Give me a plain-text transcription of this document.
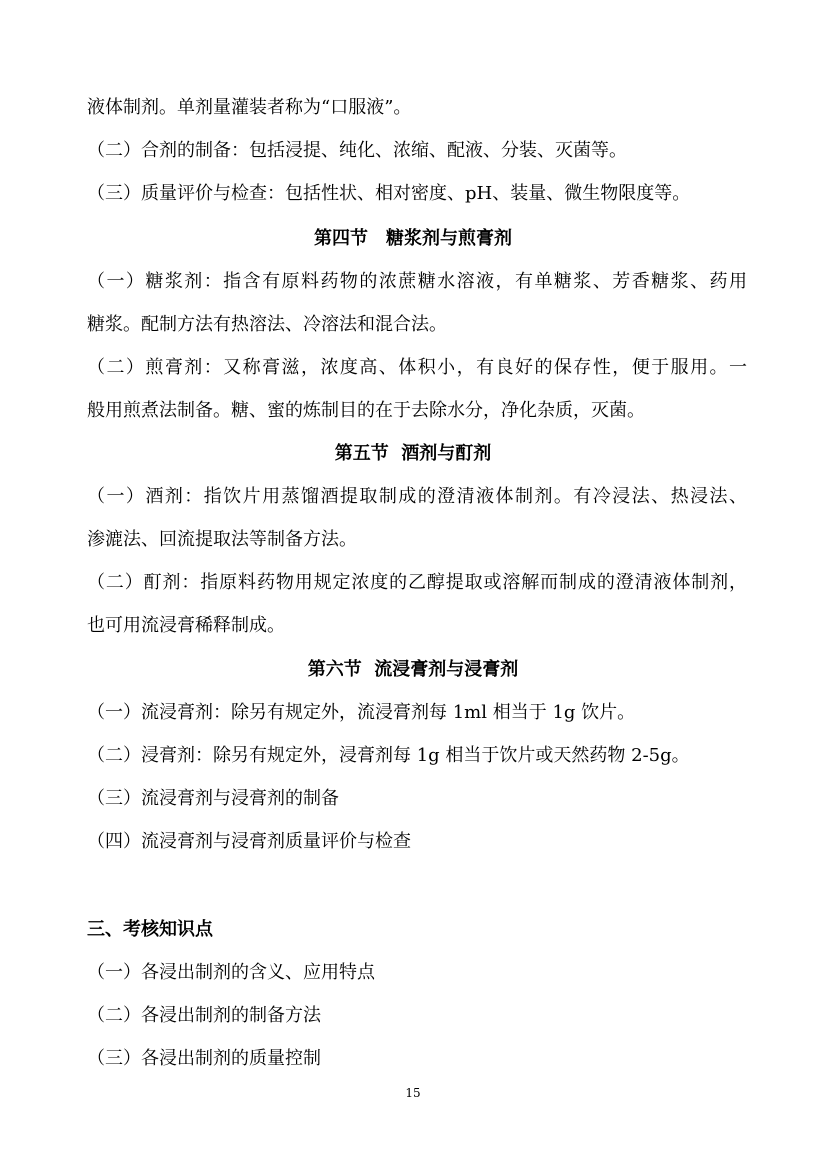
液体制剂。单剂量灌装者称为“口服液”。
（二）合剂的制备：包括浸提、纯化、浓缩、配液、分装、灭菌等。
（三）质量评价与检查：包括性状、相对密度、pH、装量、微生物限度等。
第四节　糖浆剂与煎膏剂
（一）糖浆剂：指含有原料药物的浓蔗糖水溶液，有单糖浆、芳香糖浆、药用
糖浆。配制方法有热溶法、冷溶法和混合法。
（二）煎膏剂：又称膏滋，浓度高、体积小，有良好的保存性，便于服用。一
般用煎煮法制备。糖、蜜的炼制目的在于去除水分，净化杂质，灭菌。
第五节  酒剂与酊剂
（一）酒剂：指饮片用蒸馏酒提取制成的澄清液体制剂。有冷浸法、热浸法、
渗漉法、回流提取法等制备方法。
（二）酊剂：指原料药物用规定浓度的乙醇提取或溶解而制成的澄清液体制剂，
也可用流浸膏稀释制成。
第六节  流浸膏剂与浸膏剂
（一）流浸膏剂：除另有规定外，流浸膏剂每 1ml 相当于 1g 饮片。
（二）浸膏剂：除另有规定外，浸膏剂每 1g 相当于饮片或天然药物 2-5g。
（三）流浸膏剂与浸膏剂的制备
（四）流浸膏剂与浸膏剂质量评价与检查
三、考核知识点
（一）各浸出制剂的含义、应用特点
（二）各浸出制剂的制备方法
（三）各浸出制剂的质量控制
15
